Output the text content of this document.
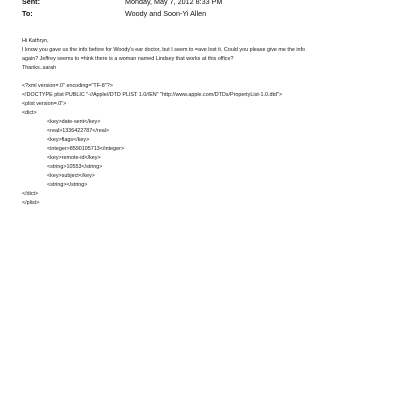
Sent:	Monday, May 7, 2012 8:33 PM
To:	Woody and Soon-Yi Allen
Hi Kathryn,
I know you gave us the info before for Woody's ear doctor, but I seem to =ave lost it. Could you please give me the info
again? Jeffrey seems to =hink there is a woman named Lindsey that works at this office?
Thanks..sarah
<?xml version=.0" encoding="TF-8"?>
<!DOCTYPE plist PUBLIC "-//Apple//DTD PLIST 1.0//EN" "http://www.apple.com/DTDs/PropertyList-1.0.dtd">
<plist version=.0">
<dict>
<key>date-sent</key>
<real>1336422787</real>
<key>flags</key>
<integer>8590195713</integer>
<key>remote-id</key>
<string>10553</string>
<key>subject</key>
<string></string>
</dict>
</plist>
